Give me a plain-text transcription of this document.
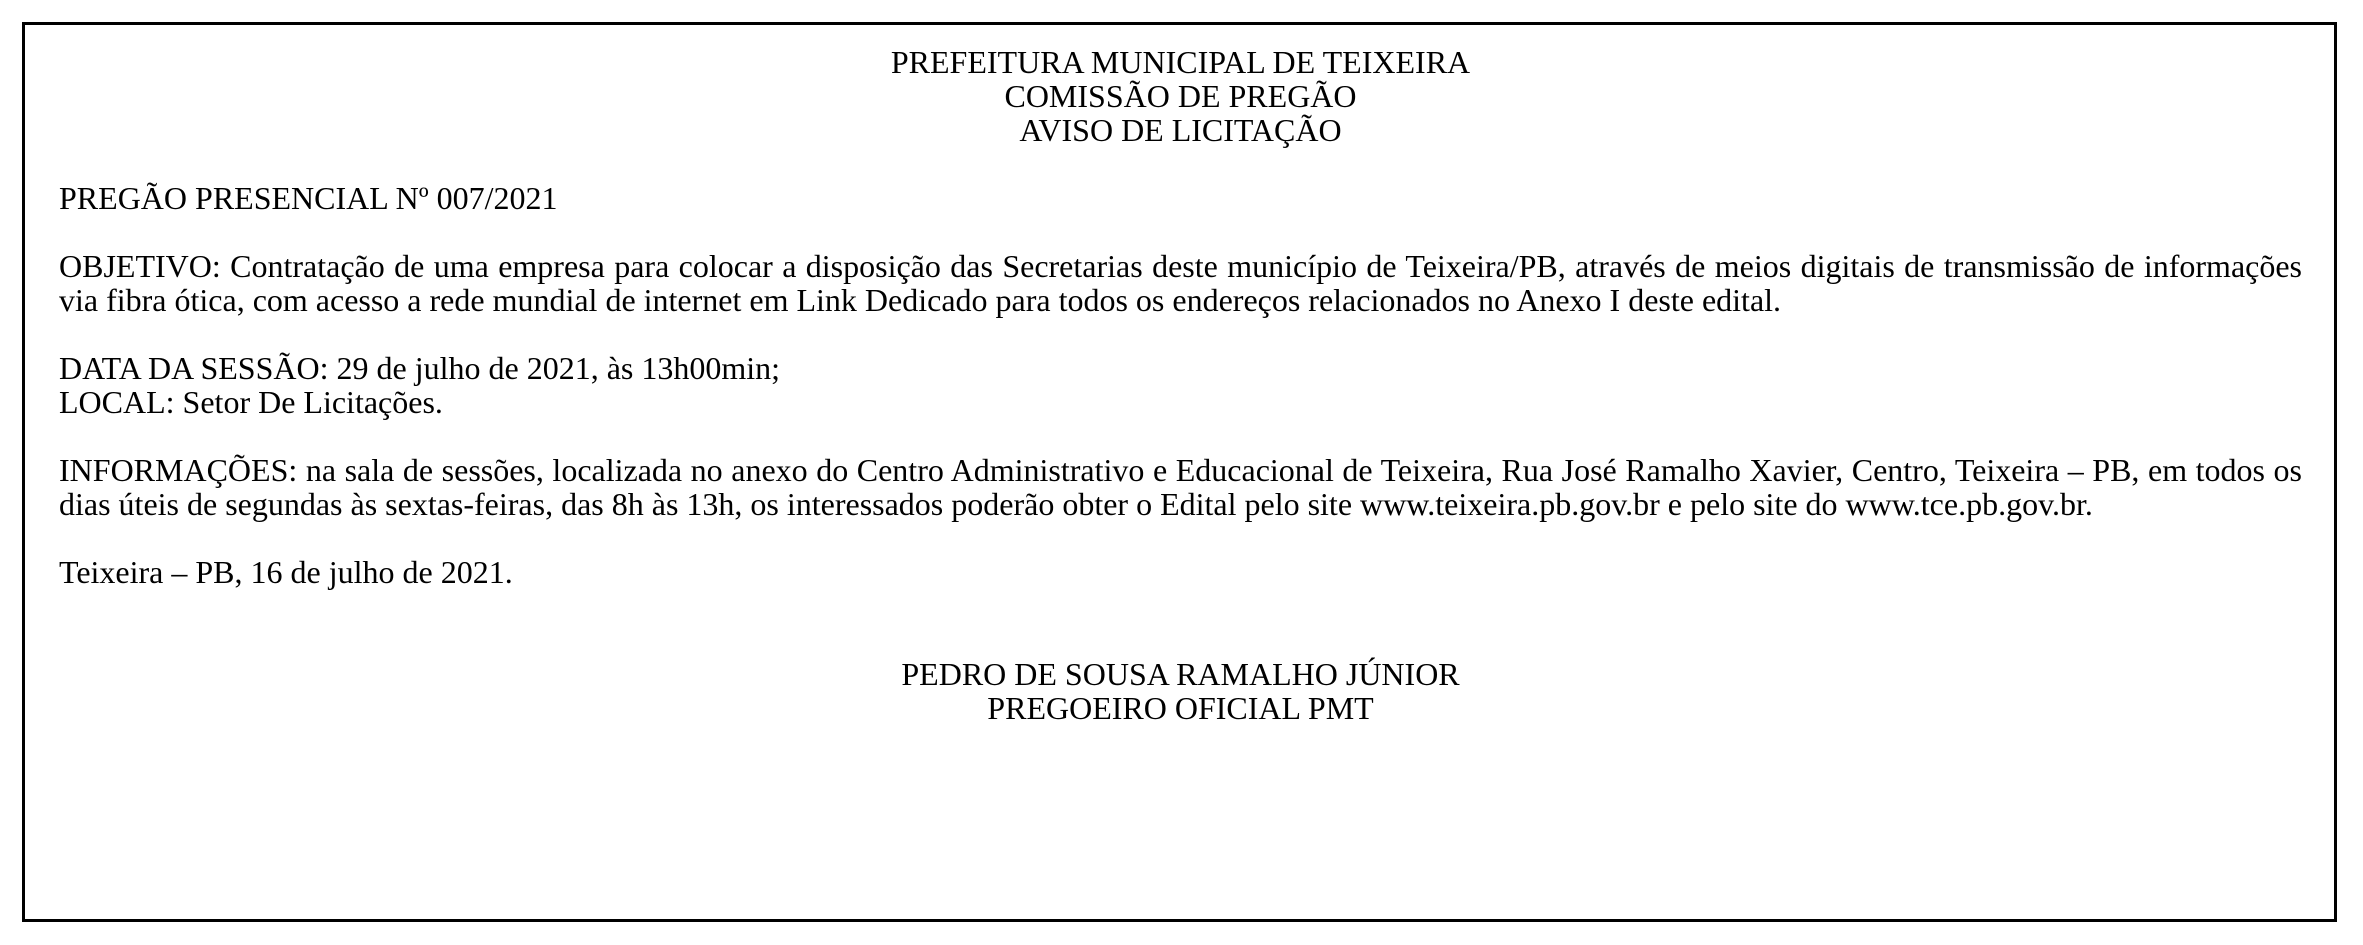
PREFEITURA MUNICIPAL DE TEIXEIRA
COMISSÃO DE PREGÃO
AVISO DE LICITAÇÃO
PREGÃO PRESENCIAL Nº 007/2021
OBJETIVO: Contratação de uma empresa para colocar a disposição das Secretarias deste município de Teixeira/PB, através de meios digitais de transmissão de informações via fibra ótica, com acesso a rede mundial de internet em Link Dedicado para todos os endereços relacionados no Anexo I deste edital.
DATA DA SESSÃO: 29 de julho de 2021, às 13h00min;
LOCAL: Setor De Licitações.
INFORMAÇÕES: na sala de sessões, localizada no anexo do Centro Administrativo e Educacional de Teixeira, Rua José Ramalho Xavier, Centro, Teixeira – PB, em todos os dias úteis de segundas às sextas-feiras, das 8h às 13h, os interessados poderão obter o Edital pelo site www.teixeira.pb.gov.br e pelo site do www.tce.pb.gov.br.
Teixeira – PB, 16 de julho de 2021.
PEDRO DE SOUSA RAMALHO JÚNIOR
PREGOEIRO OFICIAL PMT
